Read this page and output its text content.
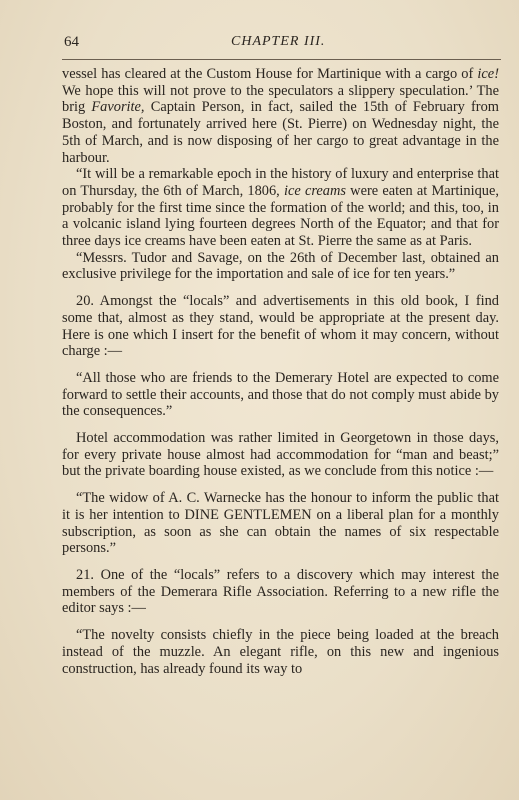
64	CHAPTER III.

vessel has cleared at the Custom House for Martinique with a cargo of ice! We hope this will not prove to the speculators a slippery speculation.’ The brig Favorite, Captain Person, in fact, sailed the 15th of February from Boston, and fortunately arrived here (St. Pierre) on Wednesday night, the 5th of March, and is now disposing of her cargo to great advantage in the harbour.

“It will be a remarkable epoch in the history of luxury and enterprise that on Thursday, the 6th of March, 1806, ice creams were eaten at Martinique, probably for the first time since the formation of the world; and this, too, in a volcanic island lying fourteen degrees North of the Equator; and that for three days ice creams have been eaten at St. Pierre the same as at Paris.

“Messrs. Tudor and Savage, on the 26th of December last, obtained an exclusive privilege for the importation and sale of ice for ten years.”

20. Amongst the “locals” and advertisements in this old book, I find some that, almost as they stand, would be appropriate at the present day. Here is one which I insert for the benefit of whom it may concern, without charge :—

“All those who are friends to the Demerary Hotel are expected to come forward to settle their accounts, and those that do not comply must abide by the consequences.”

Hotel accommodation was rather limited in Georgetown in those days, for every private house almost had accommodation for “man and beast;” but the private boarding house existed, as we conclude from this notice :—

“The widow of A. C. Warnecke has the honour to inform the public that it is her intention to DINE GENTLEMEN on a liberal plan for a monthly subscription, as soon as she can obtain the names of six respectable persons.”

21. One of the “locals” refers to a discovery which may interest the members of the Demerara Rifle Association. Referring to a new rifle the editor says :—

“The novelty consists chiefly in the piece being loaded at the breach instead of the muzzle. An elegant rifle, on this new and ingenious construction, has already found its way to
